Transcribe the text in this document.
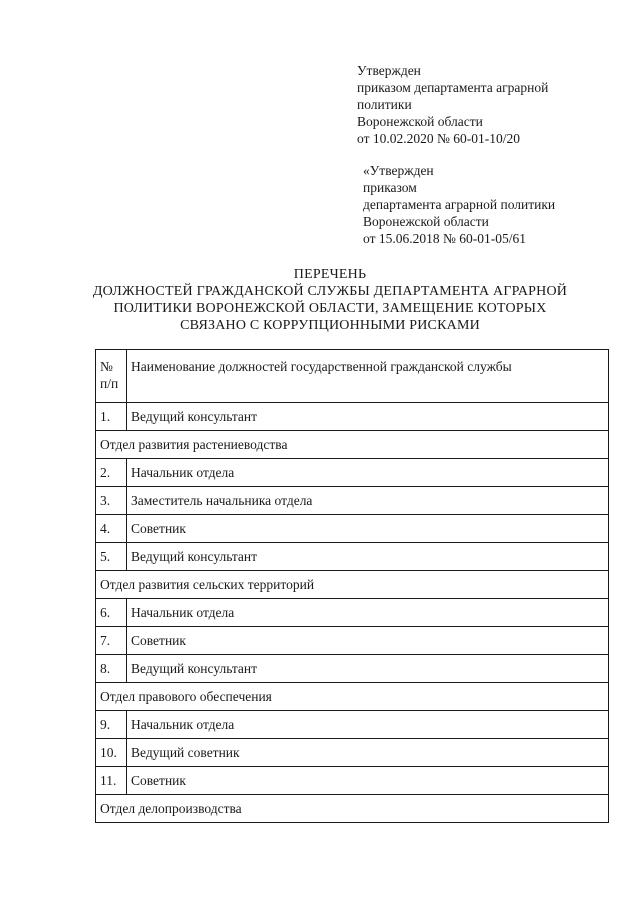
Утвержден
приказом департамента аграрной
политики
Воронежской области
от 10.02.2020 № 60-01-10/20
«Утвержден
приказом
департамента аграрной политики
Воронежской области
от 15.06.2018 № 60-01-05/61
ПЕРЕЧЕНЬ
ДОЛЖНОСТЕЙ ГРАЖДАНСКОЙ СЛУЖБЫ ДЕПАРТАМЕНТА АГРАРНОЙ
ПОЛИТИКИ ВОРОНЕЖСКОЙ ОБЛАСТИ, ЗАМЕЩЕНИЕ КОТОРЫХ
СВЯЗАНО С КОРРУПЦИОННЫМИ РИСКАМИ
№
п/п	Наименование должностей государственной гражданской службы
1.	Ведущий консультант
Отдел развития растениеводства	
2.	Начальник отдела
3.	Заместитель начальника отдела
4.	Советник
5.	Ведущий консультант
Отдел развития сельских территорий	
6.	Начальник отдела
7.	Советник
8.	Ведущий консультант
Отдел правового обеспечения	
9.	Начальник отдела
10.	Ведущий советник
11.	Советник
Отдел делопроизводства	
